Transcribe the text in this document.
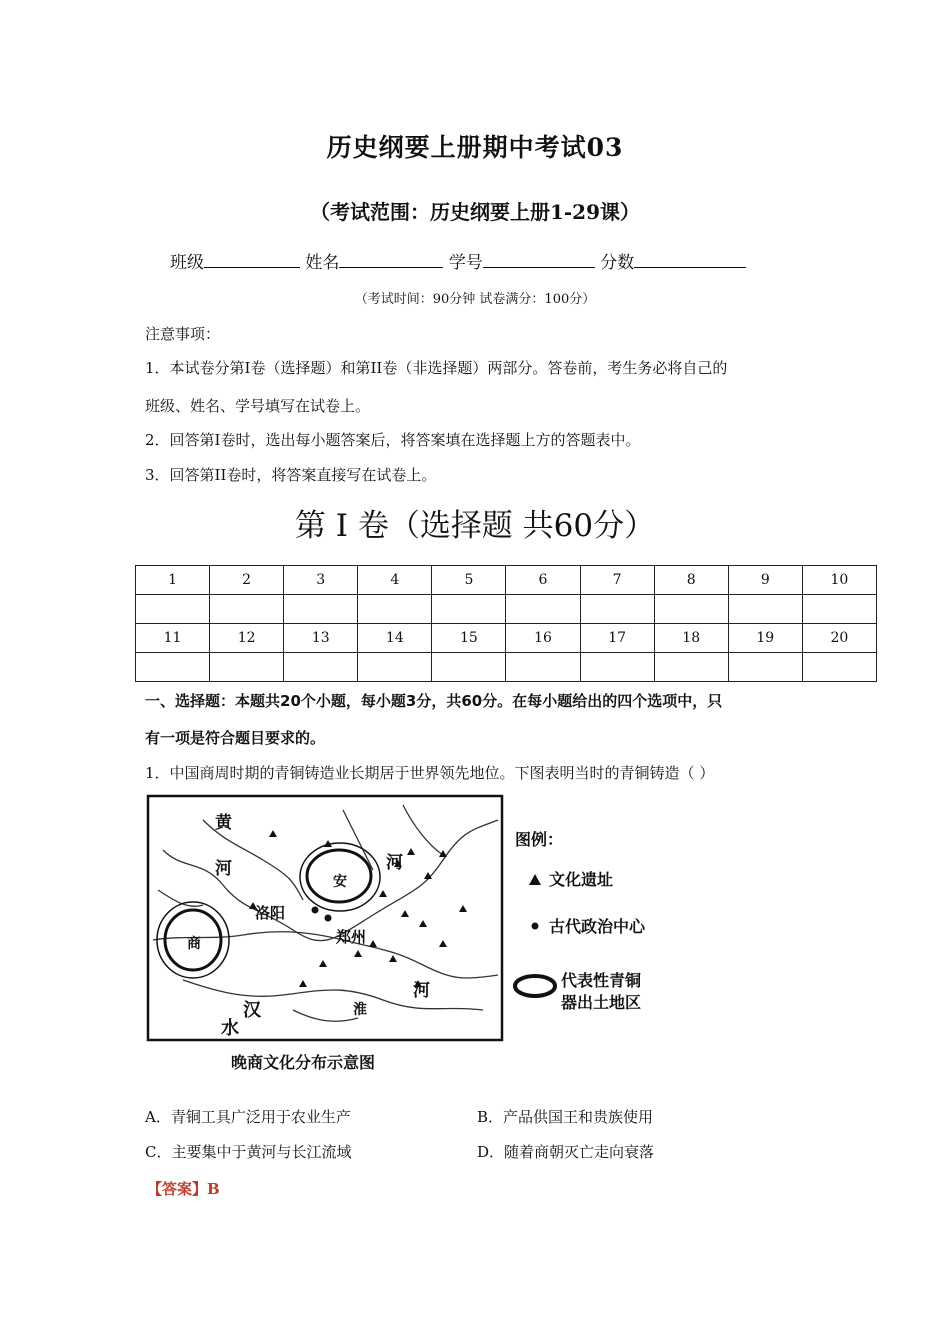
历史纲要上册期中考试03
（考试范围：历史纲要上册1-29课）
班级	姓名	学号	分数
（考试时间：90分钟 试卷满分：100分）
注意事项：
1．本试卷分第I卷（选择题）和第II卷（非选择题）两部分。答卷前，考生务必将自己的
班级、姓名、学号填写在试卷上。
2．回答第I卷时，选出每小题答案后，将答案填在选择题上方的答题表中。
3．回答第II卷时，将答案直接写在试卷上。
第 I 卷（选择题 共60分）
1	2	3	4	5	6	7	8	9	10

11	12	13	14	15	16	17	18	19	20

一、选择题：本题共20个小题，每小题3分，共60分。在每小题给出的四个选项中，只
有一项是符合题目要求的。
1．中国商周时期的青铜铸造业长期居于世界领先地位。下图表明当时的青铜铸造（ ）
黄
河	河
河
安
商
洛阳
郑州
汉
水
淮
图例：
文化遗址
古代政治中心
代表性青铜
器出土地区
晚商文化分布示意图
A．青铜工具广泛用于农业生产	B．产品供国王和贵族使用
C．主要集中于黄河与长江流域	D．随着商朝灭亡走向衰落
【答案】B
